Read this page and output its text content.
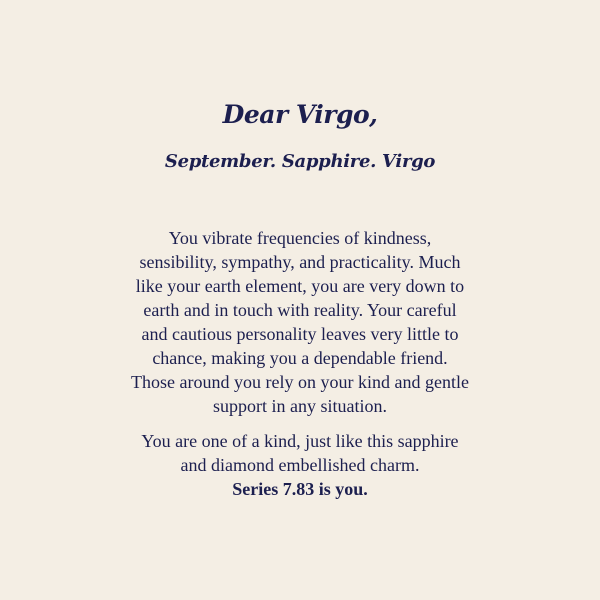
Dear Virgo,
September. Sapphire. Virgo

You vibrate frequencies of kindness,
sensibility, sympathy, and practicality. Much
like your earth element, you are very down to
earth and in touch with reality. Your careful
and cautious personality leaves very little to
chance, making you a dependable friend.
Those around you rely on your kind and gentle
support in any situation.

You are one of a kind, just like this sapphire
and diamond embellished charm.
Series 7.83 is you.
